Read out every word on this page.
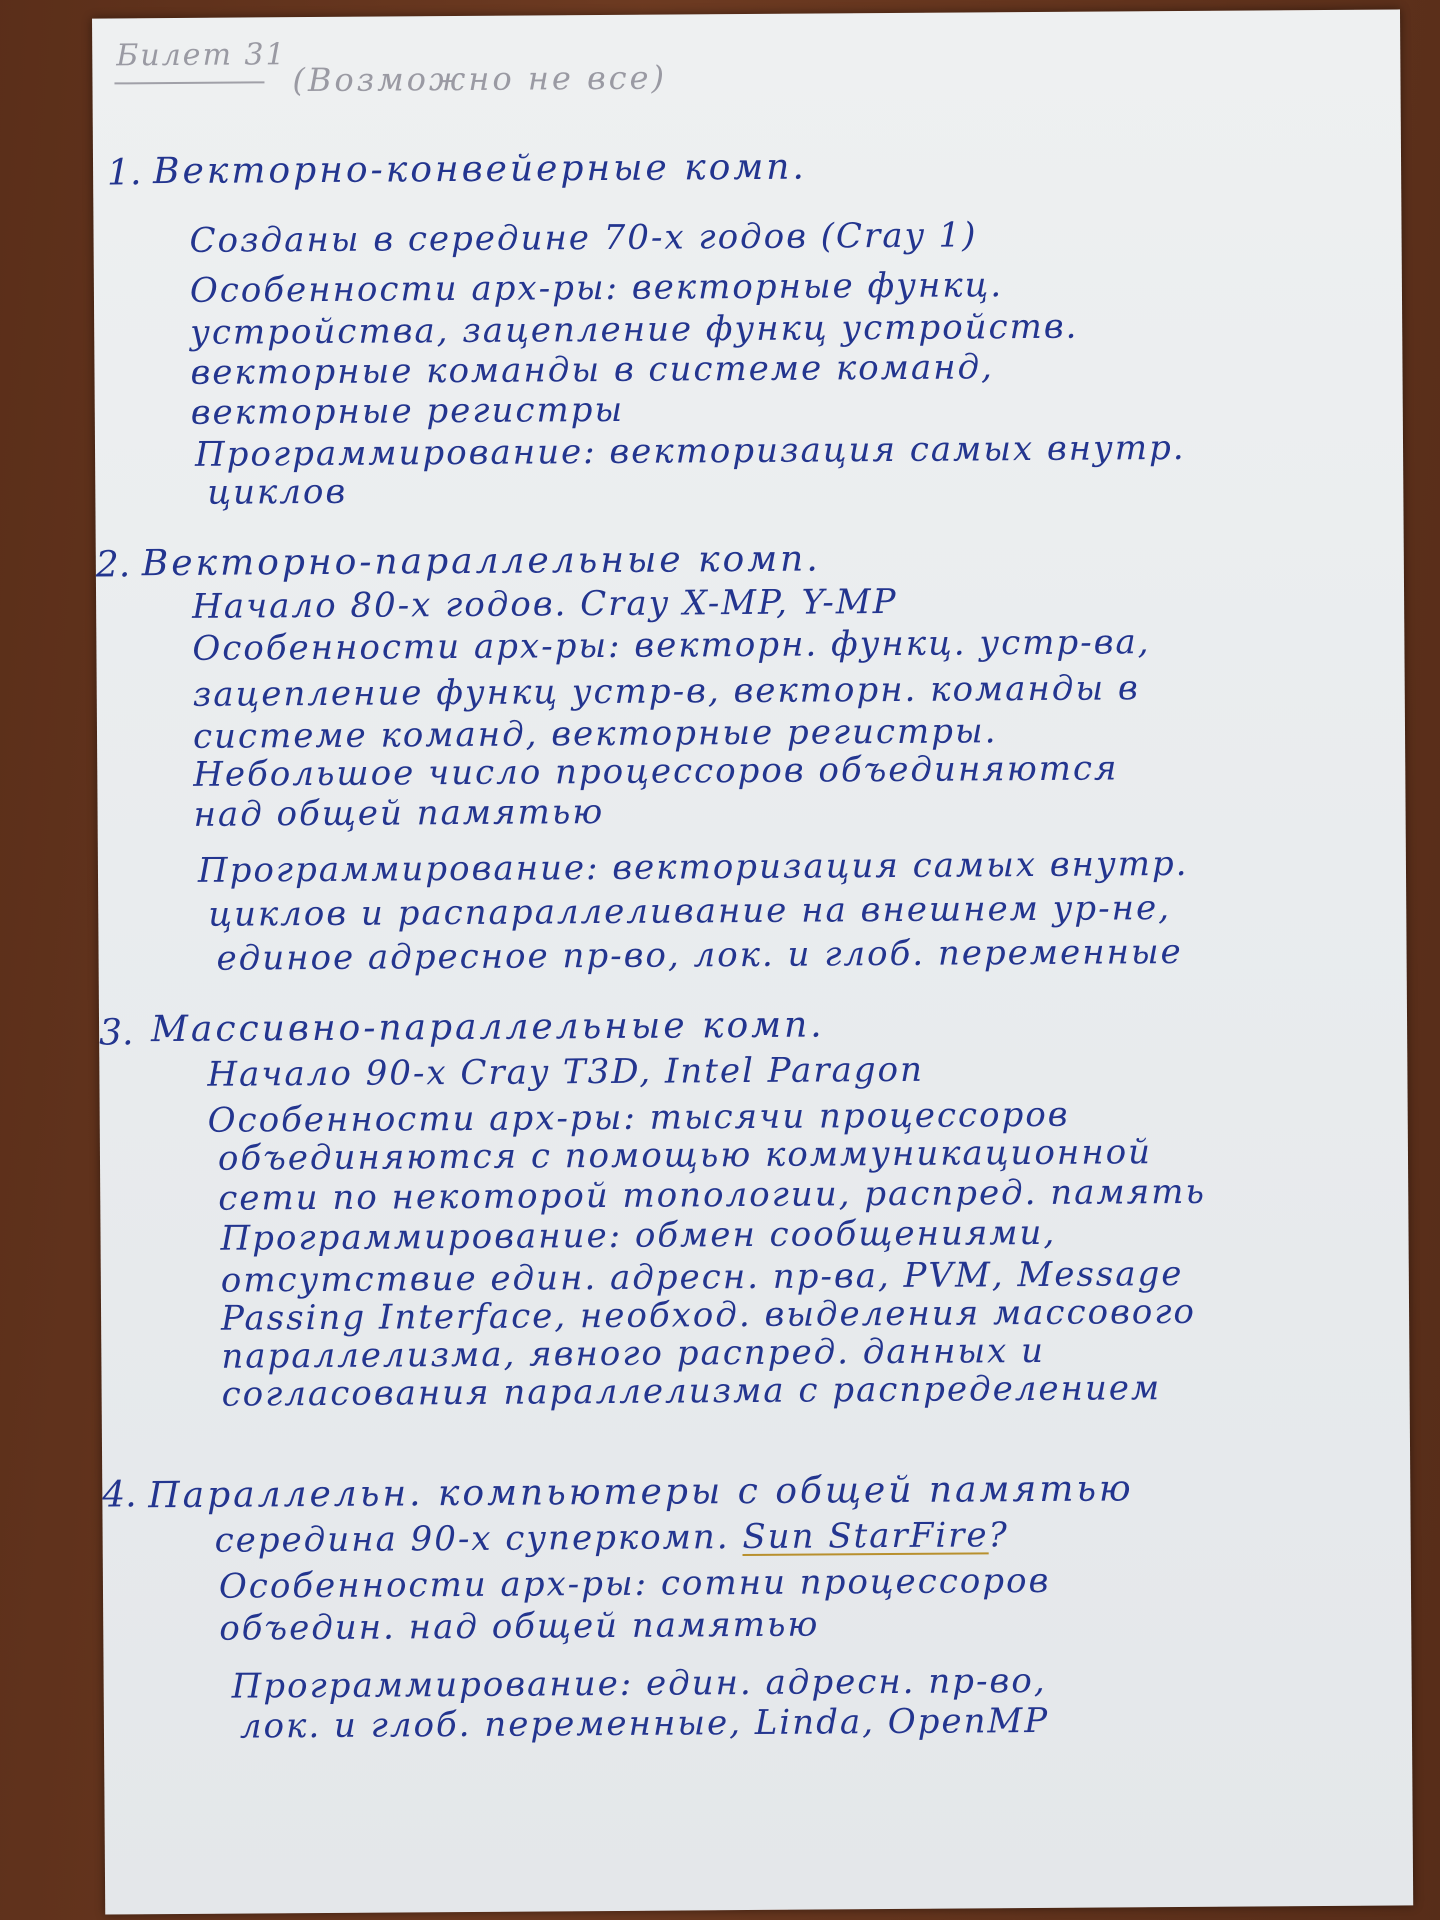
Билет 31
(Возможно не все)
1. Векторно-конвейерные комп.
Созданы в середине 70-х годов (Cray 1)
Особенности арх-ры: векторные функц.
устройства, зацепление функц устройств.
векторные команды в системе команд,
векторные регистры
Программирование: векторизация самых внутр.
циклов
2. Векторно-параллельные комп.
Начало 80-х годов. Cray X-MP, Y-MP
Особенности арх-ры: векторн. функц. устр-ва,
зацепление функц устр-в, векторн. команды в
системе команд, векторные регистры.
Небольшое число процессоров объединяются
над общей памятью
Программирование: векторизация самых внутр.
циклов и распараллеливание на внешнем ур-не,
единое адресное пр-во, лок. и глоб. переменные
3. Массивно-параллельные комп.
Начало 90-х Cray T3D, Intel Paragon
Особенности арх-ры: тысячи процессоров
объединяются с помощью коммуникационной
сети по некоторой топологии, распред. память
Программирование: обмен сообщениями,
отсутствие един. адресн. пр-ва, PVM, Message
Passing Interface, необход. выделения массового
параллелизма, явного распред. данных и
согласования параллелизма с распределением
4. Параллельн. компьютеры с общей памятью
середина 90-х суперкомп. Sun StarFire?
Особенности арх-ры: сотни процессоров
объедин. над общей памятью
Программирование: един. адресн. пр-во,
лок. и глоб. переменные, Linda, OpenMP
